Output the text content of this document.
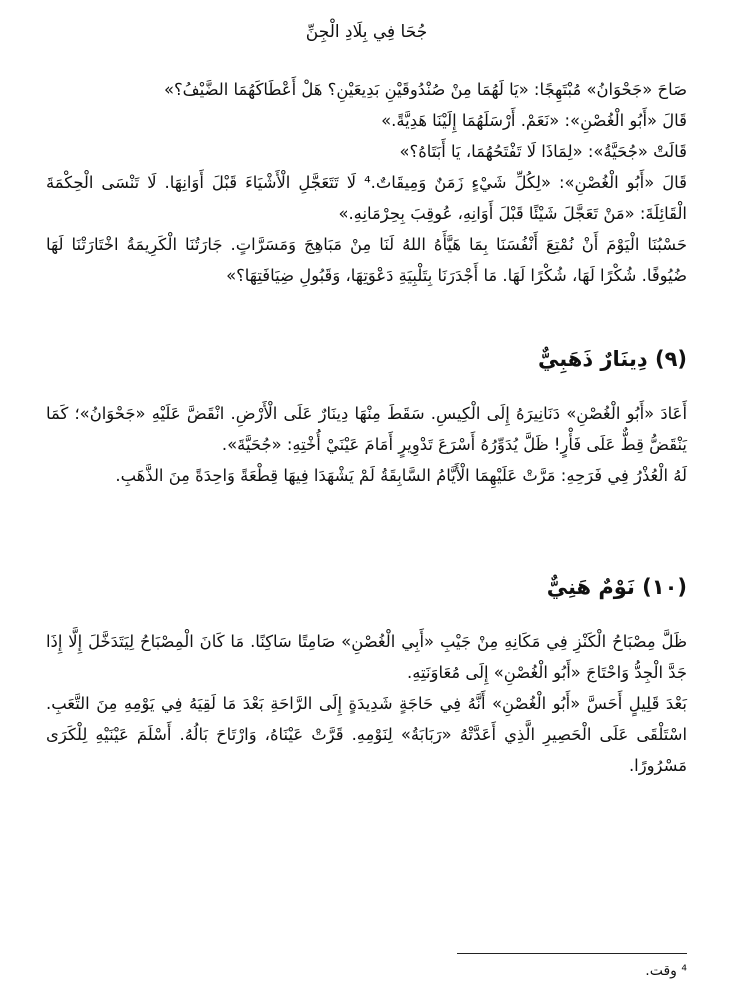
جُحَا فِي بِلَادِ الْجِنِّ

صَاحَ «جَحْوَانُ» مُبْتَهِجًا: «يَا لَهُمَا مِنْ صُنْدُوقَيْنِ بَدِيعَيْنِ؟ هَلْ أَعْطَاكَهُمَا الضَّيْفُ؟»

قَالَ «أَبُو الْغُصْنِ»: «نَعَمْ. أَرْسَلَهُمَا إِلَيْنَا هَدِيَّةً.»

قَالَتْ «جُحَيَّةُ»: «لِمَاذَا لَا تَفْتَحُهُمَا، يَا أَبَتَاهُ؟»

قَالَ «أَبُو الْغُصْنِ»: «لِكُلِّ شَيْءٍ زَمَنٌ وَمِيقَاتٌ.⁴ لَا تَتَعَجَّلِ الْأَشْيَاءَ قَبْلَ أَوَانِهَا. لَا تَنْسَى الْحِكْمَةَ الْقَائِلَةَ: «مَنْ تَعَجَّلَ شَيْئًا قَبْلَ أَوَانِهِ، عُوقِبَ بِحِرْمَانِهِ.»

حَسْبُنَا الْيَوْمَ أَنْ نُمْتِعَ أَنْفُسَنَا بِمَا هَيَّأَهُ اللهُ لَنَا مِنْ مَبَاهِجَ وَمَسَرَّاتٍ. جَارَتُنَا الْكَرِيمَةُ اخْتَارَتْنَا لَهَا ضُيُوفًا. شُكْرًا لَهَا، شُكْرًا لَهَا. مَا أَجْدَرَنَا بِتَلْبِيَةِ دَعْوَتِهَا، وَقَبُولِ ضِيَافَتِهَا؟»

(٩) دِينَارٌ ذَهَبِيٌّ

أَعَادَ «أَبُو الْغُصْنِ» دَنَانِيرَهُ إِلَى الْكِيسِ. سَقَطَ مِنْهَا دِينَارٌ عَلَى الْأَرْضِ. انْقَضَّ عَلَيْهِ «جَحْوَانُ»؛ كَمَا يَنْقَضُّ قِطٌّ عَلَى فَأْرٍ! ظَلَّ يُدَوِّرُهُ أَسْرَعَ تَدْوِيرٍ أَمَامَ عَيْنَيْ أُخْتِهِ: «جُحَيَّةَ».

لَهُ الْعُذْرُ فِي فَرَحِهِ: مَرَّتْ عَلَيْهِمَا الْأَيَّامُ السَّابِقَةُ لَمْ يَشْهَدَا فِيهَا قِطْعَةً وَاحِدَةً مِنَ الذَّهَبِ.

(١٠) نَوْمٌ هَنِيٌّ

ظَلَّ مِصْبَاحُ الْكَنْزِ فِي مَكَانِهِ مِنْ جَيْبِ «أَبِي الْغُصْنِ» صَامِتًا سَاكِنًا. مَا كَانَ الْمِصْبَاحُ لِيَتَدَخَّلَ إِلَّا إِذَا جَدَّ الْجِدُّ وَاحْتَاجَ «أَبُو الْغُصْنِ» إِلَى مُعَاوَنَتِهِ.

بَعْدَ قَلِيلٍ أَحَسَّ «أَبُو الْغُصْنِ» أَنَّهُ فِي حَاجَةٍ شَدِيدَةٍ إِلَى الرَّاحَةِ بَعْدَ مَا لَقِيَهُ فِي يَوْمِهِ مِنَ التَّعَبِ. اسْتَلْقَى عَلَى الْحَصِيرِ الَّذِي أَعَدَّتْهُ «رَبَابَةُ» لِنَوْمِهِ. قَرَّتْ عَيْنَاهُ، وَارْتَاحَ بَالُهُ. أَسْلَمَ عَيْنَيْهِ لِلْكَرَى مَسْرُورًا.

⁴ وقت.
